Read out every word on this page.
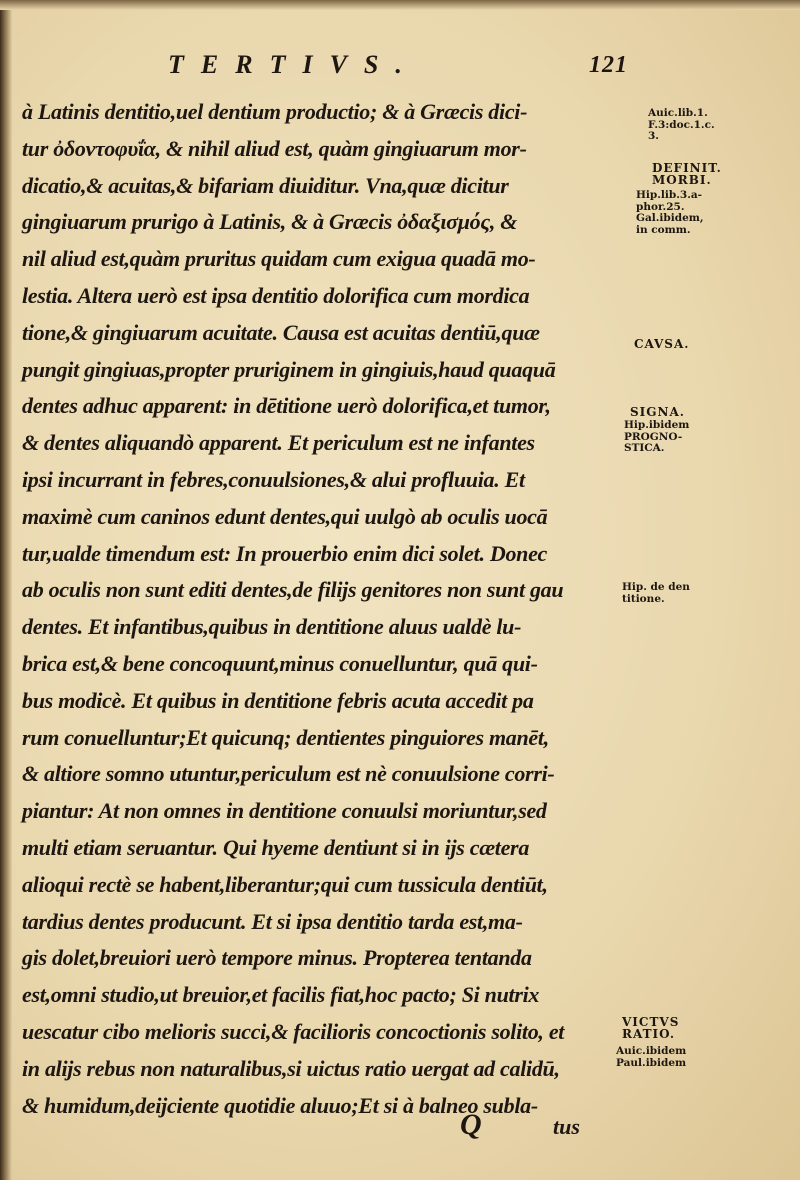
TERTIVS.	121
à Latinis dentitio,uel dentium productio; & à Græcis dici-
tur ὀδοντοφυΐα, & nihil aliud est, quàm gingiuarum mor-
dicatio,& acuitas,& bifariam diuiditur. Vna,quæ dicitur
gingiuarum prurigo à Latinis, & à Græcis ὀδαξισμός, &
nil aliud est,quàm pruritus quidam cum exigua quadā mo-
lestia. Altera uerò est ipsa dentitio dolorifica cum mordica
tione,& gingiuarum acuitate. Causa est acuitas dentiū,quæ
pungit gingiuas,propter pruriginem in gingiuis,haud quaquā
dentes adhuc apparent: in dētitione uerò dolorifica,et tumor,
& dentes aliquandò apparent. Et periculum est ne infantes
ipsi incurrant in febres,conuulsiones,& alui profluuia. Et
maximè cum caninos edunt dentes,qui uulgò ab oculis uocā
tur,ualde timendum est: In prouerbio enim dici solet. Donec
ab oculis non sunt editi dentes,de filijs genitores non sunt gau
dentes. Et infantibus,quibus in dentitione aluus ualdè lu-
brica est,& bene concoquunt,minus conuelluntur, quā qui-
bus modicè. Et quibus in dentitione febris acuta accedit pa
rum conuelluntur;Et quicunq; dentientes pinguiores manēt,
& altiore somno utuntur,periculum est nè conuulsione corri-
piantur: At non omnes in dentitione conuulsi moriuntur,sed
multi etiam seruantur. Qui hyeme dentiunt si in ijs cætera
alioqui rectè se habent,liberantur;qui cum tussicula dentiūt,
tardius dentes producunt. Et si ipsa dentitio tarda est,ma-
gis dolet,breuiori uerò tempore minus. Propterea tentanda
est,omni studio,ut breuior,et facilis fiat,hoc pacto; Si nutrix
uescatur cibo melioris succi,& facilioris concoctionis solito, et
in alijs rebus non naturalibus,si uictus ratio uergat ad calidū,
& humidum,deijciente quotidie aluuo;Et si à balneo subla-
Q	tus
Auic.lib.1.
F.3:doc.1.c.
3.
DEFINIT.
MORBI.
Hip.lib.3.a-
phor.25.
Gal.ibidem,
in comm.
CAVSA.
SIGNA.
Hip.ibidem
PROGNO-
STICA.
Hip. de den
titione.
VICTVS
RATIO.
Auic.ibidem
Paul.ibidem
